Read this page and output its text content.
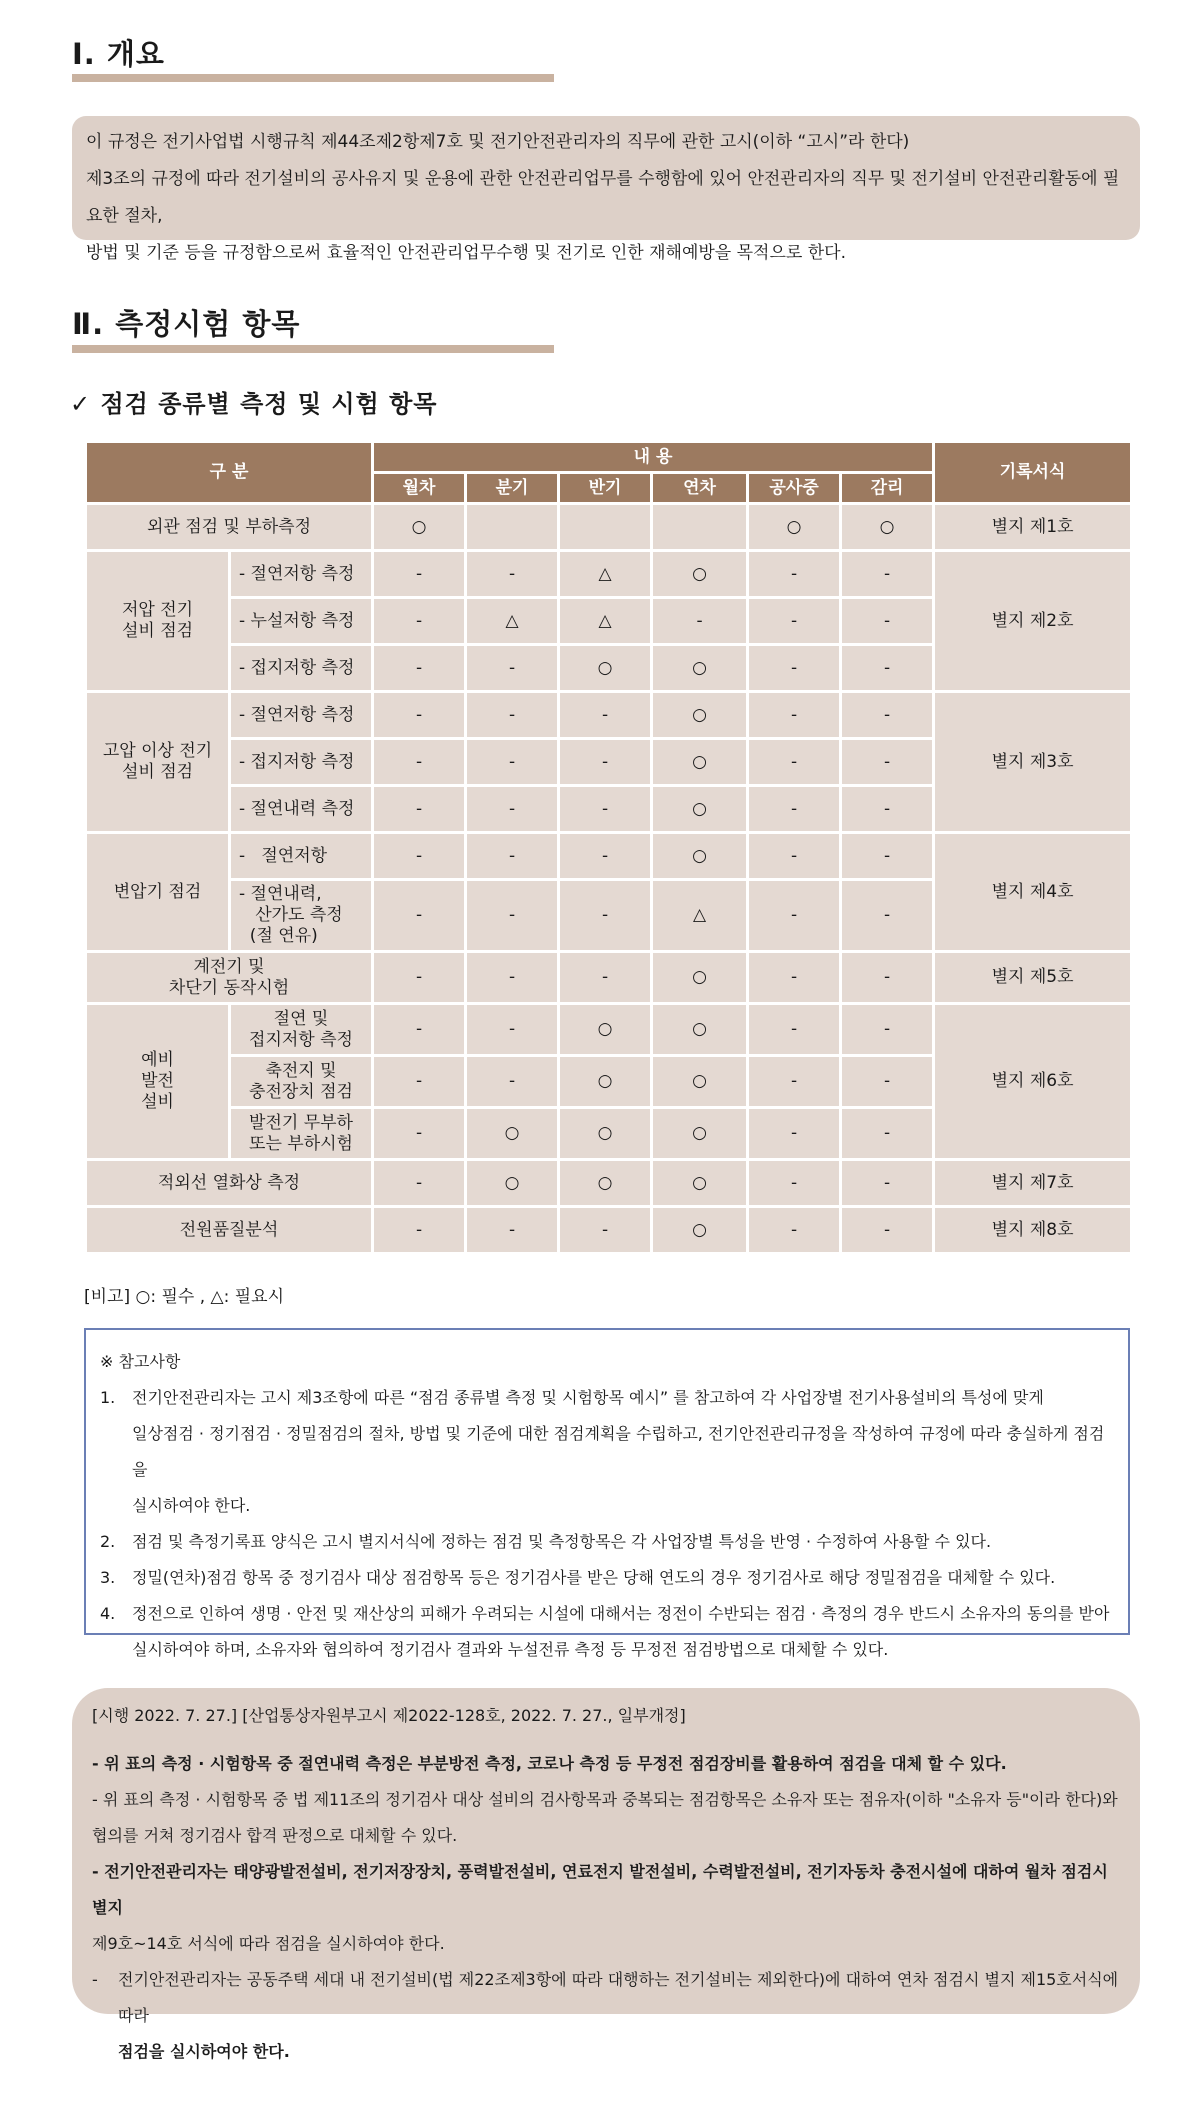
Ⅰ. 개요

이 규정은 전기사업법 시행규칙 제44조제2항제7호 및 전기안전관리자의 직무에 관한 고시(이하 “고시”라 한다)

제3조의 규정에 따라 전기설비의 공사유지 및 운용에 관한 안전관리업무를 수행함에 있어 안전관리자의 직무 및 전기설비 안전관리활동에 필요한 절차,

방법 및 기준 등을 규정함으로써 효율적인 안전관리업무수행 및 전기로 인한 재해예방을 목적으로 한다.

Ⅱ. 측정시험 항목
✓ 점검 종류별 측정 및 시험 항목
구 분		내 용						기록서식
		월차	분기	반기	연차	공사중	감리	
외관 점검 및 부하측정		○				○	○	별지 제1호
저압 전기
설비 점검	- 절연저항 측정	-	-	△	○	-	-	별지 제2호
	- 누설저항 측정	-	△	△	-	-	-	
	- 접지저항 측정	-	-	○	○	-	-	
고압 이상 전기
설비 점검	- 절연저항 측정	-	-	-	○	-	-	별지 제3호
	- 접지저항 측정	-	-	-	○	-	-	
	- 절연내력 측정	-	-	-	○	-	-	
변압기 점검	-   절연저항	-	-	-	○	-	-	별지 제4호
	- 절연내력,
산가도 측정
(절 연유)	-	-	-	△	-	-	
계전기 및
차단기 동작시험		-	-	-	○	-	-	별지 제5호
예비
발전
설비	절연 및
접지저항 측정	-	-	○	○	-	-	별지 제6호
	축전지 및
충전장치 점검	-	-	○	○	-	-	
	발전기 무부하
또는 부하시험	-	○	○	○	-	-	
적외선 열화상 측정		-	○	○	○	-	-	별지 제7호
전원품질분석		-	-	-	○	-	-	별지 제8호
[비고] ○: 필수 , △: 필요시
※ 참고사항
1.	전기안전관리자는 고시 제3조항에 따른 “점검 종류별 측정 및 시험항목 예시” 를 참고하여 각 사업장별 전기사용설비의 특성에 맞게
일상점검 · 정기점검 · 정밀점검의 절차, 방법 및 기준에 대한 점검계획을 수립하고, 전기안전관리규정을 작성하여 규정에 따라 충실하게 점검을
실시하여야 한다.
2.	점검 및 측정기록표 양식은 고시 별지서식에 정하는 점검 및 측정항목은 각 사업장별 특성을 반영 · 수정하여 사용할 수 있다.
3.	정밀(연차)점검 항목 중 정기검사 대상 점검항목 등은 정기검사를 받은 당해 연도의 경우 정기검사로 해당 정밀점검을 대체할 수 있다.
4.	정전으로 인하여 생명 · 안전 및 재산상의 피해가 우려되는 시설에 대해서는 정전이 수반되는 점검 · 측정의 경우 반드시 소유자의 동의를 받아
실시하여야 하며, 소유자와 협의하여 정기검사 결과와 누설전류 측정 등 무정전 점검방법으로 대체할 수 있다.

[시행 2022. 7. 27.] [산업통상자원부고시 제2022-128호, 2022. 7. 27., 일부개정]

- 위 표의 측정 · 시험항목 중 절연내력 측정은 부분방전 측정, 코로나 측정 등 무정전 점검장비를 활용하여 점검을 대체 할 수 있다.

- 위 표의 측정 · 시험항목 중 법 제11조의 정기검사 대상 설비의 검사항목과 중복되는 점검항목은 소유자 또는 점유자(이하 "소유자 등"이라 한다)와

협의를 거쳐 정기검사 합격 판정으로 대체할 수 있다.

- 전기안전관리자는 태양광발전설비, 전기저장장치, 풍력발전설비, 연료전지 발전설비, 수력발전설비, 전기자동차 충전시설에 대하여 월차 점검시 별지

제9호~14호 서식에 따라 점검을 실시하여야 한다.

-	전기안전관리자는 공동주택 세대 내 전기설비(법 제22조제3항에 따라 대행하는 전기설비는 제외한다)에 대하여 연차 점검시 별지 제15호서식에 따라

점검을 실시하여야 한다.
